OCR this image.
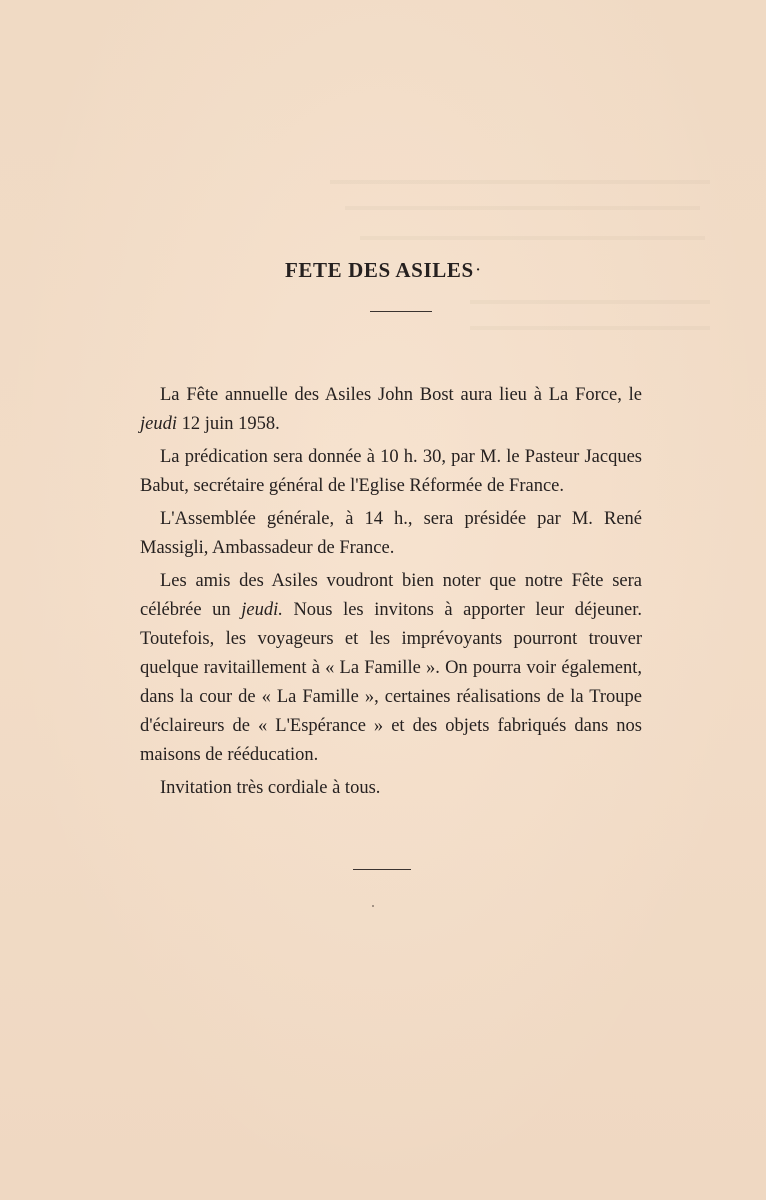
FETE DES ASILES ·

La Fête annuelle des Asiles John Bost aura lieu à La Force, le jeudi 12 juin 1958.

La prédication sera donnée à 10 h. 30, par M. le Pasteur Jacques Babut, secrétaire général de l'Eglise Réformée de France.

L'Assemblée générale, à 14 h., sera présidée par M. René Massigli, Ambassadeur de France.

Les amis des Asiles voudront bien noter que notre Fête sera célébrée un jeudi. Nous les invitons à apporter leur déjeuner. Toutefois, les voyageurs et les imprévoyants pourront trouver quelque ravitaillement à « La Famille ». On pourra voir également, dans la cour de « La Famille », certaines réalisations de la Troupe d'éclaireurs de « L'Espérance » et des objets fabriqués dans nos maisons de rééducation.

Invitation très cordiale à tous.
